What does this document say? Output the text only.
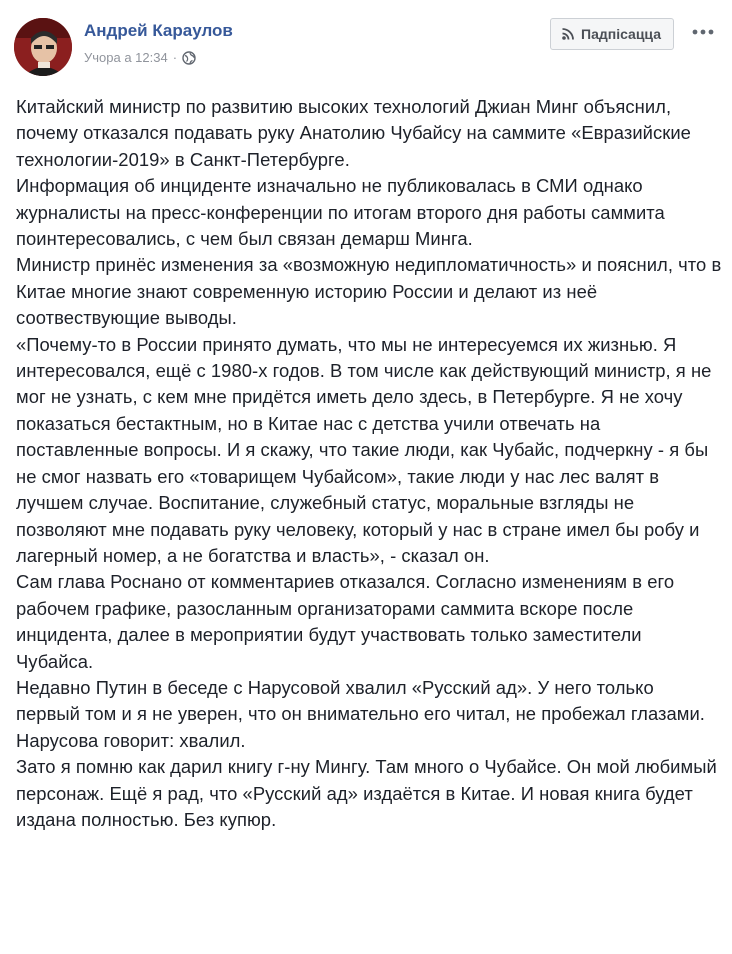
Андрей Караулов
Учора а 12:34 ·
Падпісацца

Китайский министр по развитию высоких технологий Джиан Минг объяснил, почему отказался подавать руку Анатолию Чубайсу на саммите «Евразийские технологии-2019» в Санкт-Петербурге.

Информация об инциденте изначально не публиковалась в СМИ однако журналисты на пресс-конференции по итогам второго дня работы саммита поинтересовались, с чем был связан демарш Минга.

Министр принёс изменения за «возможную недипломатичность» и пояснил, что в Китае многие знают современную историю России и делают из неё соотвествующие выводы.

«Почему-то в России принято думать, что мы не интересуемся их жизнью. Я интересовался, ещё с 1980-х годов. В том числе как действующий министр, я не мог не узнать, с кем мне придётся иметь дело здесь, в Петербурге. Я не хочу показаться бестактным, но в Китае нас с детства учили отвечать на поставленные вопросы. И я скажу, что такие люди, как Чубайс, подчеркну - я бы не смог назвать его «товарищем Чубайсом», такие люди у нас лес валят в лучшем случае. Воспитание, служебный статус, моральные взгляды не позволяют мне подавать руку человеку, который у нас в стране имел бы робу и лагерный номер, а не богатства и власть», - сказал он.

Сам глава Роснано от комментариев отказался. Согласно изменениям в его рабочем графике, разосланным организаторами саммита вскоре после инцидента, далее в мероприятии будут участвовать только заместители Чубайса.

Недавно Путин в беседе с Нарусовой хвалил «Русский ад». У него только первый том и я не уверен, что он внимательно его читал, не пробежал глазами.

Нарусова говорит: хвалил.

Зато я помню как дарил книгу г-ну Мингу. Там много о Чубайсе. Он мой любимый персонаж. Ещё я рад, что «Русский ад» издаётся в Китае. И новая книга будет издана полностью. Без купюр.
